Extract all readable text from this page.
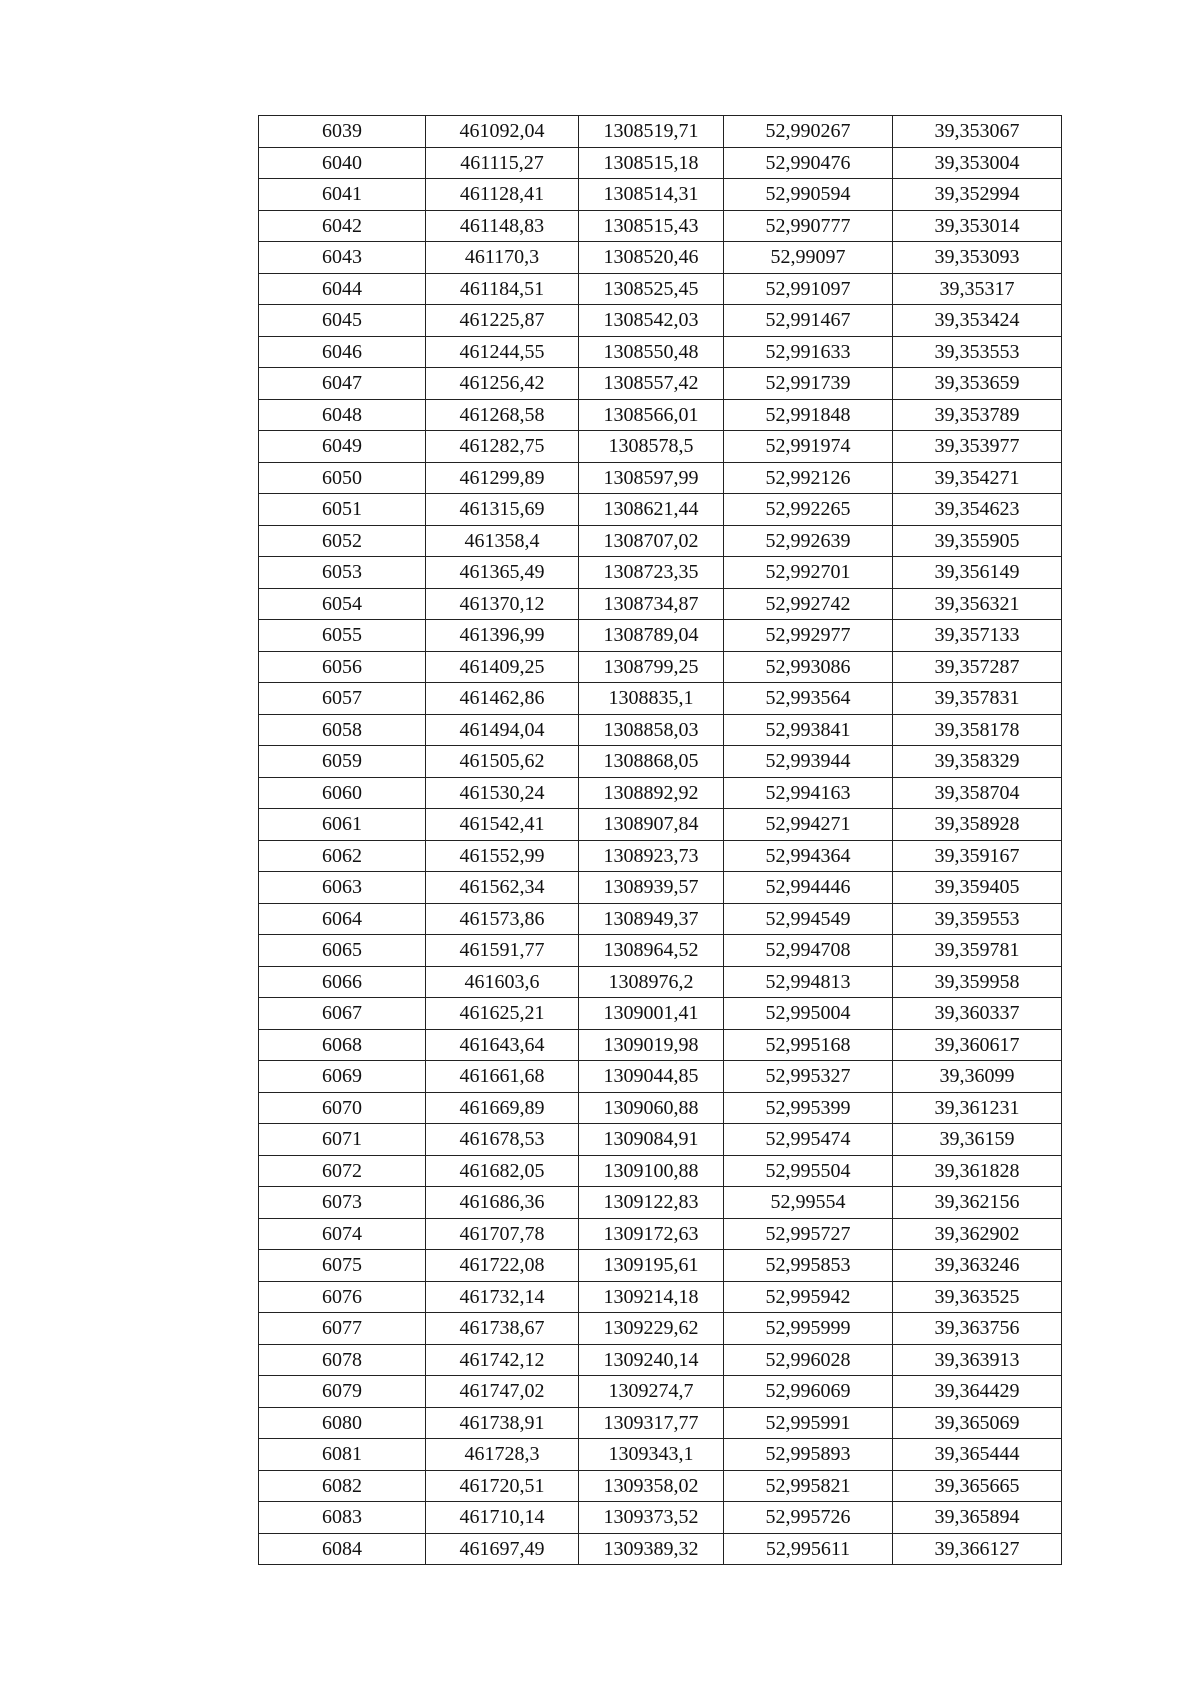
6039	461092,04	1308519,71	52,990267	39,353067
6040	461115,27	1308515,18	52,990476	39,353004
6041	461128,41	1308514,31	52,990594	39,352994
6042	461148,83	1308515,43	52,990777	39,353014
6043	461170,3	1308520,46	52,99097	39,353093
6044	461184,51	1308525,45	52,991097	39,35317
6045	461225,87	1308542,03	52,991467	39,353424
6046	461244,55	1308550,48	52,991633	39,353553
6047	461256,42	1308557,42	52,991739	39,353659
6048	461268,58	1308566,01	52,991848	39,353789
6049	461282,75	1308578,5	52,991974	39,353977
6050	461299,89	1308597,99	52,992126	39,354271
6051	461315,69	1308621,44	52,992265	39,354623
6052	461358,4	1308707,02	52,992639	39,355905
6053	461365,49	1308723,35	52,992701	39,356149
6054	461370,12	1308734,87	52,992742	39,356321
6055	461396,99	1308789,04	52,992977	39,357133
6056	461409,25	1308799,25	52,993086	39,357287
6057	461462,86	1308835,1	52,993564	39,357831
6058	461494,04	1308858,03	52,993841	39,358178
6059	461505,62	1308868,05	52,993944	39,358329
6060	461530,24	1308892,92	52,994163	39,358704
6061	461542,41	1308907,84	52,994271	39,358928
6062	461552,99	1308923,73	52,994364	39,359167
6063	461562,34	1308939,57	52,994446	39,359405
6064	461573,86	1308949,37	52,994549	39,359553
6065	461591,77	1308964,52	52,994708	39,359781
6066	461603,6	1308976,2	52,994813	39,359958
6067	461625,21	1309001,41	52,995004	39,360337
6068	461643,64	1309019,98	52,995168	39,360617
6069	461661,68	1309044,85	52,995327	39,36099
6070	461669,89	1309060,88	52,995399	39,361231
6071	461678,53	1309084,91	52,995474	39,36159
6072	461682,05	1309100,88	52,995504	39,361828
6073	461686,36	1309122,83	52,99554	39,362156
6074	461707,78	1309172,63	52,995727	39,362902
6075	461722,08	1309195,61	52,995853	39,363246
6076	461732,14	1309214,18	52,995942	39,363525
6077	461738,67	1309229,62	52,995999	39,363756
6078	461742,12	1309240,14	52,996028	39,363913
6079	461747,02	1309274,7	52,996069	39,364429
6080	461738,91	1309317,77	52,995991	39,365069
6081	461728,3	1309343,1	52,995893	39,365444
6082	461720,51	1309358,02	52,995821	39,365665
6083	461710,14	1309373,52	52,995726	39,365894
6084	461697,49	1309389,32	52,995611	39,366127
